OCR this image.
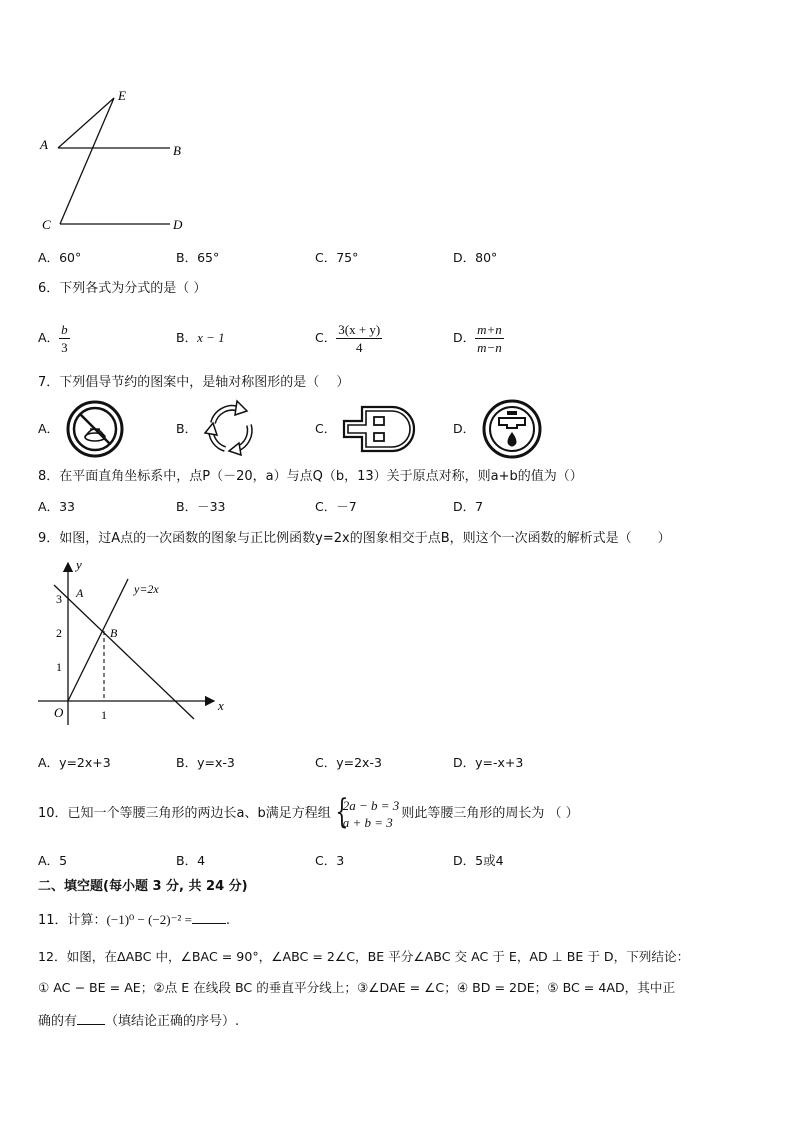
E
A	B
C	D
A．60°	B．65°	C．75°	D．80°
6．下列各式为分式的是（ ）
A． $\frac{b}{3}$	B． x − 1	C． $\frac{3(x + y)}{4}$	D． $\frac{m+n}{m-n}$
7．下列倡导节约的图案中，是轴对称图形的是（　 ）
A．	B．	C．	D．
8．在平面直角坐标系中，点P（－20，a）与点Q（b，13）关于原点对称，则a+b的值为（）
A．33	B．－33	C．－7	D．7
9．如图，过A点的一次函数的图象与正比例函数y=2x的图象相交于点B，则这个一次函数的解析式是（　　）
y
x
O
y=2x
A
B
3
2
1
1
A．y=2x+3	B．y=x-3	C．y=2x-3	D．y=-x+3
10．已知一个等腰三角形的两边长a、b满足方程组
{ 2a − b = 3
a + b = 3
则此等腰三角形的周长为 （ ）
A．5	B．4	C．3	D．5或4
二、填空题(每小题 3 分, 共 24 分)
11．计算：(−1)⁰ − (−2)⁻² =	.
12．如图，在ΔABC 中，∠BAC = 90°，∠ABC = 2∠C，BE 平分∠ABC 交 AC 于 E，AD ⊥ BE 于 D，下列结论：
① AC − BE = AE；②点 E 在线段 BC 的垂直平分线上；③∠DAE = ∠C；④ BD = 2DE；⑤ BC = 4AD，其中正
确的有 （填结论正确的序号）.
